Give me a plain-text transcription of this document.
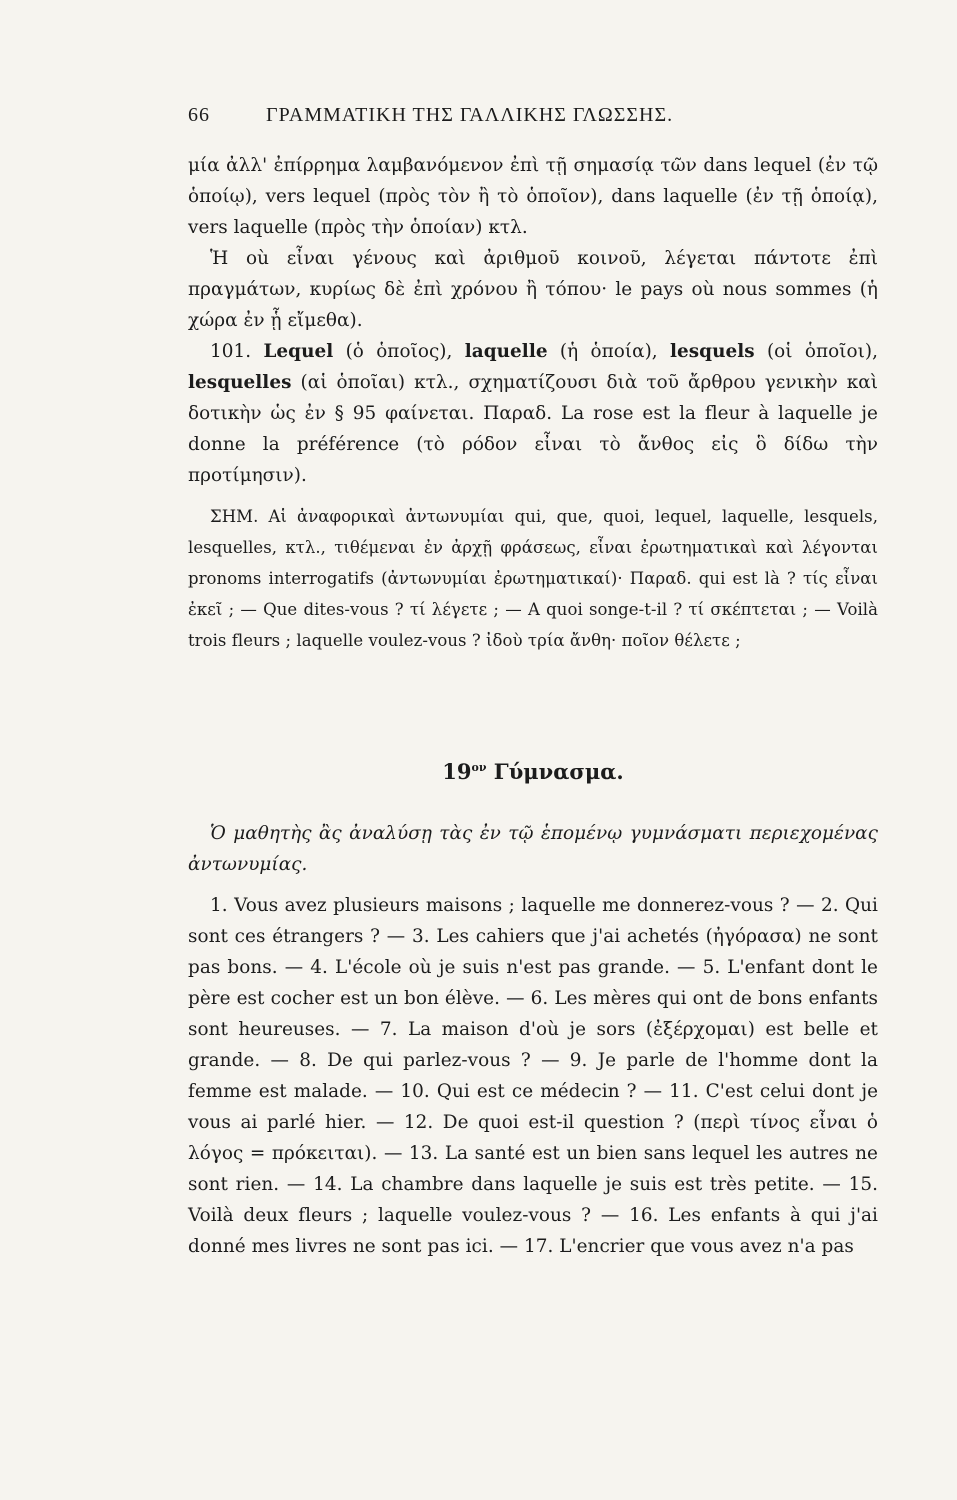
66	ΓΡΑΜΜΑΤΙΚΗ ΤΗΣ ΓΑΛΛΙΚΗΣ ΓΛΩΣΣΗΣ.

μία ἀλλ' ἐπίρρημα λαμβανόμενον ἐπὶ τῇ σημασίᾳ τῶν dans lequel (ἐν τῷ ὁποίῳ), vers lequel (πρὸς τὸν ἢ τὸ ὁποῖον), dans laquelle (ἐν τῇ ὁποίᾳ), vers laquelle (πρὸς τὴν ὁποίαν) κτλ.

Ἡ où εἶναι γένους καὶ ἀριθμοῦ κοινοῦ, λέγεται πάντοτε ἐπὶ πραγμάτων, κυρίως δὲ ἐπὶ χρόνου ἢ τόπου· le pays où nous sommes (ἡ χώρα ἐν ᾗ εἴμεθα).

101. Lequel (ὁ ὁποῖος), laquelle (ἡ ὁποία), lesquels (οἱ ὁποῖοι), lesquelles (αἱ ὁποῖαι) κτλ., σχηματίζουσι διὰ τοῦ ἄρθρου γενικὴν καὶ δοτικὴν ὡς ἐν § 95 φαίνεται. Παραδ. La rose est la fleur à laquelle je donne la préférence (τὸ ρόδον εἶναι τὸ ἄνθος εἰς ὃ δίδω τὴν προτίμησιν).

ΣΗΜ. Αἱ ἀναφορικαὶ ἀντωνυμίαι qui, que, quoi, lequel, laquelle, lesquels, lesquelles, κτλ., τιθέμεναι ἐν ἀρχῇ φράσεως, εἶναι ἐρωτηματικαὶ καὶ λέγονται pronoms interrogatifs (ἀντωνυμίαι ἐρωτηματικαί)· Παραδ. qui est là ? τίς εἶναι ἐκεῖ ; — Que dites-vous ? τί λέγετε ; — A quoi songe-t-il ? τί σκέπτεται ; — Voilà trois fleurs ; laquelle voulez-vous ? ἰδοὺ τρία ἄνθη· ποῖον θέλετε ;

$19^{o\nu}$ Γύμνασμα.

Ὁ μαθητὴς ἂς ἀναλύσῃ τὰς ἐν τῷ ἑπομένῳ γυμνάσματι περιεχομένας ἀντωνυμίας.

1. Vous avez plusieurs maisons ; laquelle me donnerez-vous ? — 2. Qui sont ces étrangers ? — 3. Les cahiers que j'ai achetés (ἠγόρασα) ne sont pas bons. — 4. L'école où je suis n'est pas grande. — 5. L'enfant dont le père est cocher est un bon élève. — 6. Les mères qui ont de bons enfants sont heureuses. — 7. La maison d'où je sors (ἐξέρχομαι) est belle et grande. — 8. De qui parlez-vous ? — 9. Je parle de l'homme dont la femme est malade. — 10. Qui est ce médecin ? — 11. C'est celui dont je vous ai parlé hier. — 12. De quoi est-il question ? (περὶ τίνος εἶναι ὁ λόγος = πρόκειται). — 13. La santé est un bien sans lequel les autres ne sont rien. — 14. La chambre dans laquelle je suis est très petite. — 15. Voilà deux fleurs ; laquelle voulez-vous ? — 16. Les enfants à qui j'ai donné mes livres ne sont pas ici. — 17. L'encrier que vous avez n'a pas
